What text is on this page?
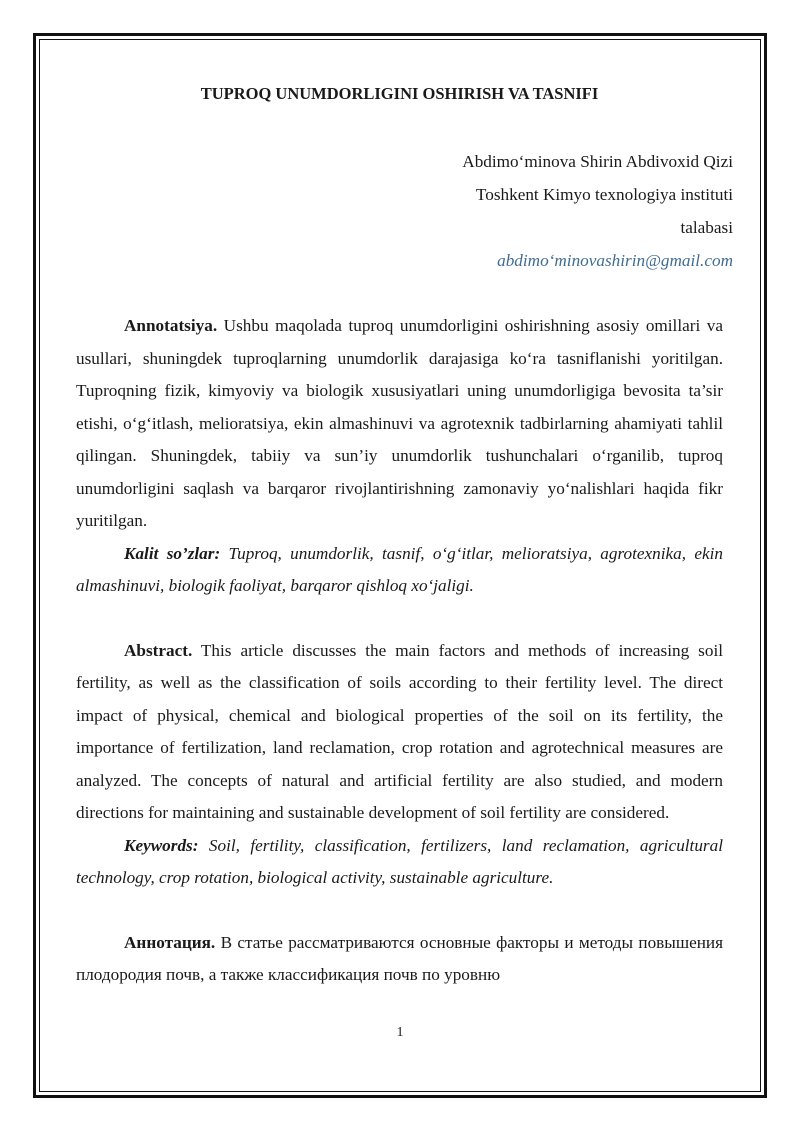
TUPROQ UNUMDORLIGINI OSHIRISH VA TASNIFI

Abdimo‘minova Shirin Abdivoxid Qizi
Toshkent Kimyo texnologiya instituti
talabasi
abdimo‘minovashirin@gmail.com

Annotatsiya. Ushbu maqolada tuproq unumdorligini oshirishning asosiy omillari va usullari, shuningdek tuproqlarning unumdorlik darajasiga ko‘ra tasniflanishi yoritilgan. Tuproqning fizik, kimyoviy va biologik xususiyatlari uning unumdorligiga bevosita ta’sir etishi, o‘g‘itlash, melioratsiya, ekin almashinuvi va agrotexnik tadbirlarning ahamiyati tahlil qilingan. Shuningdek, tabiiy va sun’iy unumdorlik tushunchalari o‘rganilib, tuproq unumdorligini saqlash va barqaror rivojlantirishning zamonaviy yo‘nalishlari haqida fikr yuritilgan.

Kalit so’zlar: Tuproq, unumdorlik, tasnif, o‘g‘itlar, melioratsiya, agrotexnika, ekin almashinuvi, biologik faoliyat, barqaror qishloq xo‘jaligi.

Abstract. This article discusses the main factors and methods of increasing soil fertility, as well as the classification of soils according to their fertility level. The direct impact of physical, chemical and biological properties of the soil on its fertility, the importance of fertilization, land reclamation, crop rotation and agrotechnical measures are analyzed. The concepts of natural and artificial fertility are also studied, and modern directions for maintaining and sustainable development of soil fertility are considered.

Keywords: Soil, fertility, classification, fertilizers, land reclamation, agricultural technology, crop rotation, biological activity, sustainable agriculture.

Аннотация. В статье рассматриваются основные факторы и методы повышения плодородия почв, а также классификация почв по уровню

1
